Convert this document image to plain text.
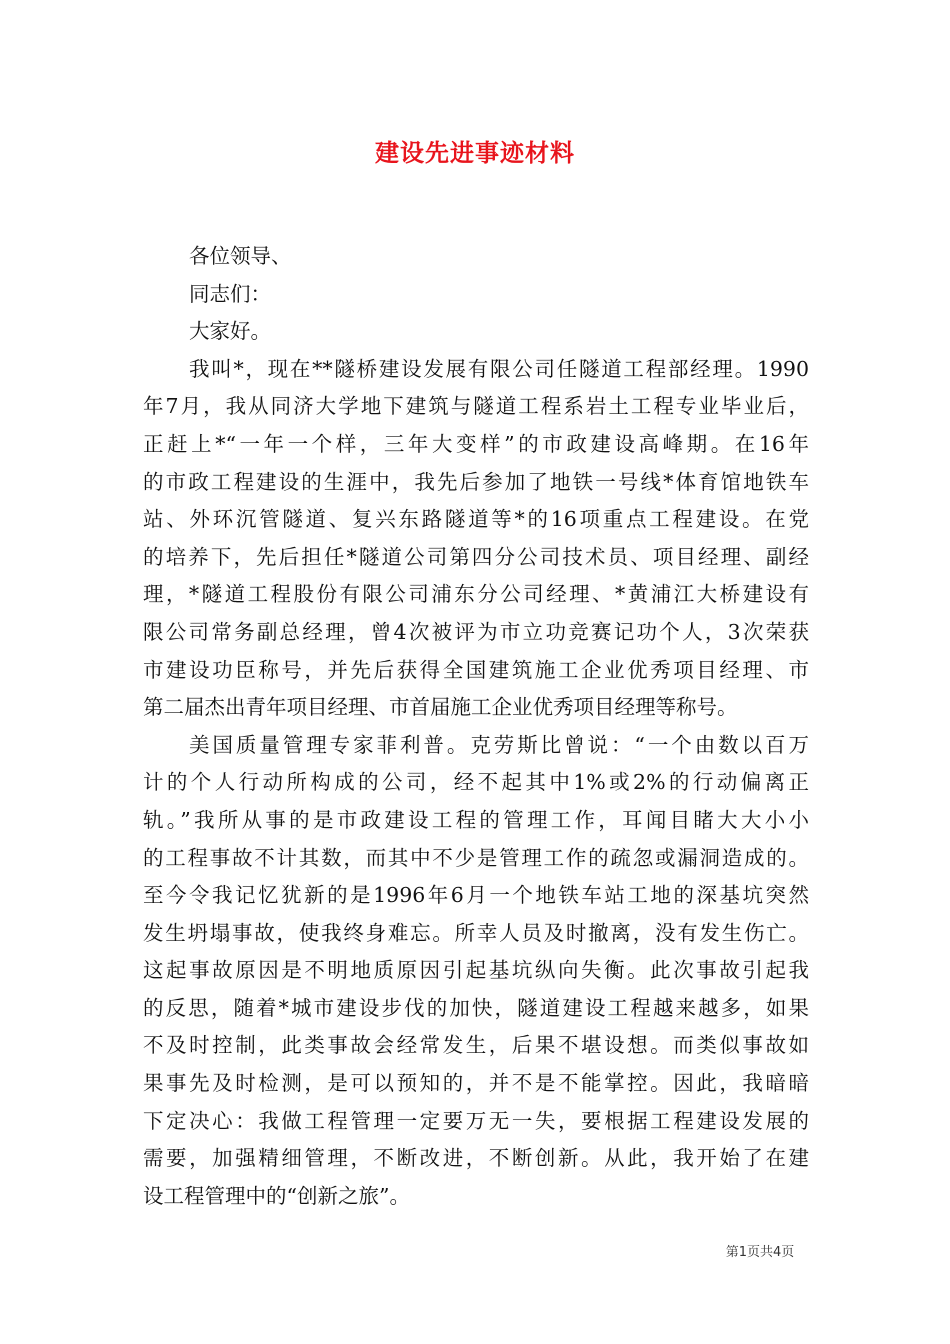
建设先进事迹材料
各位领导、
同志们：
大家好。
我叫*，现在**隧桥建设发展有限公司任隧道工程部经理。1990
年7月，我从同济大学地下建筑与隧道工程系岩土工程专业毕业后，
正赶上*“一年一个样，三年大变样”的市政建设高峰期。在16年
的市政工程建设的生涯中，我先后参加了地铁一号线*体育馆地铁车
站、外环沉管隧道、复兴东路隧道等*的16项重点工程建设。在党
的培养下，先后担任*隧道公司第四分公司技术员、项目经理、副经
理，*隧道工程股份有限公司浦东分公司经理、*黄浦江大桥建设有
限公司常务副总经理，曾4次被评为市立功竞赛记功个人，3次荣获
市建设功臣称号，并先后获得全国建筑施工企业优秀项目经理、市
第二届杰出青年项目经理、市首届施工企业优秀项目经理等称号。
美国质量管理专家菲利普。克劳斯比曾说：“一个由数以百万
计的个人行动所构成的公司，经不起其中1%或2%的行动偏离正
轨。”我所从事的是市政建设工程的管理工作，耳闻目睹大大小小
的工程事故不计其数，而其中不少是管理工作的疏忽或漏洞造成的。
至今令我记忆犹新的是1996年6月一个地铁车站工地的深基坑突然
发生坍塌事故，使我终身难忘。所幸人员及时撤离，没有发生伤亡。
这起事故原因是不明地质原因引起基坑纵向失衡。此次事故引起我
的反思，随着*城市建设步伐的加快，隧道建设工程越来越多，如果
不及时控制，此类事故会经常发生，后果不堪设想。而类似事故如
果事先及时检测，是可以预知的，并不是不能掌控。因此，我暗暗
下定决心：我做工程管理一定要万无一失，要根据工程建设发展的
需要，加强精细管理，不断改进，不断创新。从此，我开始了在建
设工程管理中的“创新之旅”。
第1页共4页
